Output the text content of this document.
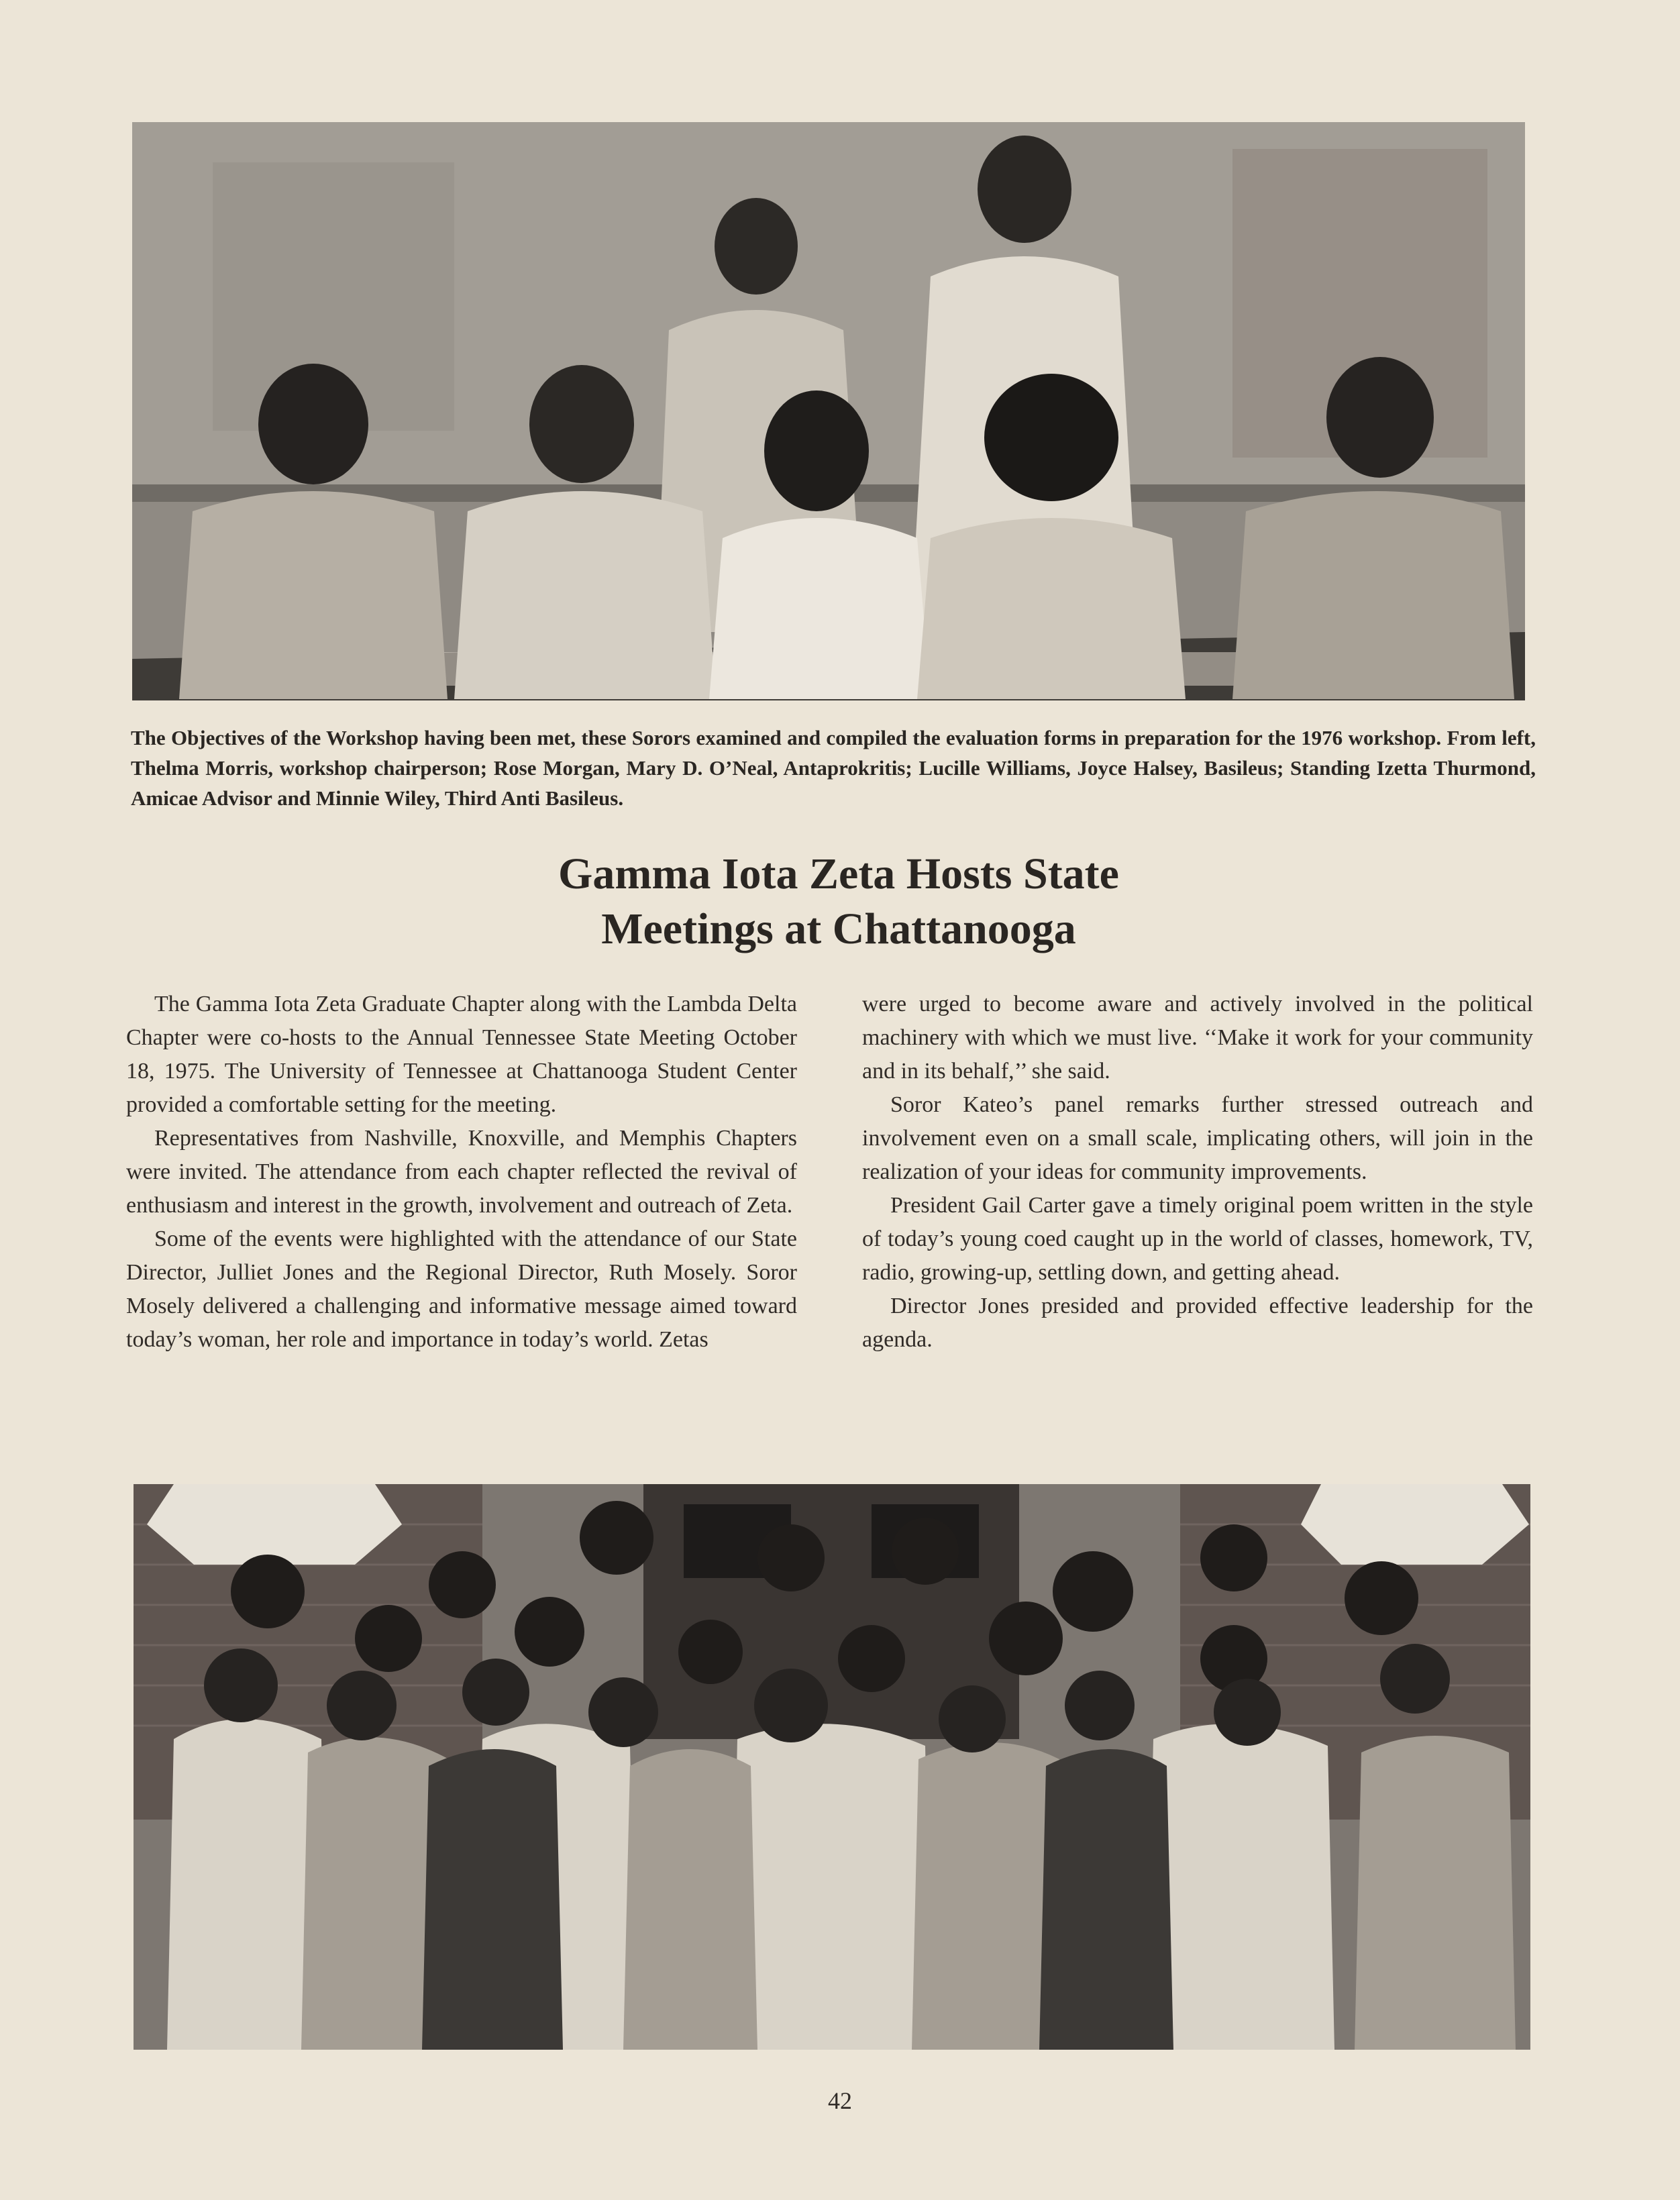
The Objectives of the Workshop having been met, these Sorors examined and compiled the evaluation forms in preparation for the 1976 workshop. From left, Thelma Morris, workshop chairperson; Rose Morgan, Mary D. O’Neal, Antaprokritis; Lucille Williams, Joyce Halsey, Basileus; Standing Izetta Thurmond, Amicae Advisor and Minnie Wiley, Third Anti Basileus.
Gamma Iota Zeta Hosts State
Meetings at Chattanooga

The Gamma Iota Zeta Graduate Chapter along with the Lambda Delta Chapter were co-hosts to the Annual Tennessee State Meeting October 18, 1975. The University of Tennessee at Chattanooga Student Center provided a comfortable setting for the meeting.

Representatives from Nashville, Knoxville, and Memphis Chapters were invited. The attendance from each chapter reflected the revival of enthusiasm and interest in the growth, involvement and outreach of Zeta.

Some of the events were highlighted with the attendance of our State Director, Julliet Jones and the Regional Director, Ruth Mosely. Soror Mosely delivered a challenging and informative message aimed toward today’s woman, her role and importance in today’s world. Zetas

were urged to become aware and actively involved in the political machinery with which we must live. ‘‘Make it work for your community and in its behalf,’’ she said.

Soror Kateo’s panel remarks further stressed outreach and involvement even on a small scale, implicating others, will join in the realization of your ideas for community improvements.

President Gail Carter gave a timely original poem written in the style of today’s young coed caught up in the world of classes, homework, TV, radio, growing-up, settling down, and getting ahead.

Director Jones presided and provided effective leadership for the agenda.

42
